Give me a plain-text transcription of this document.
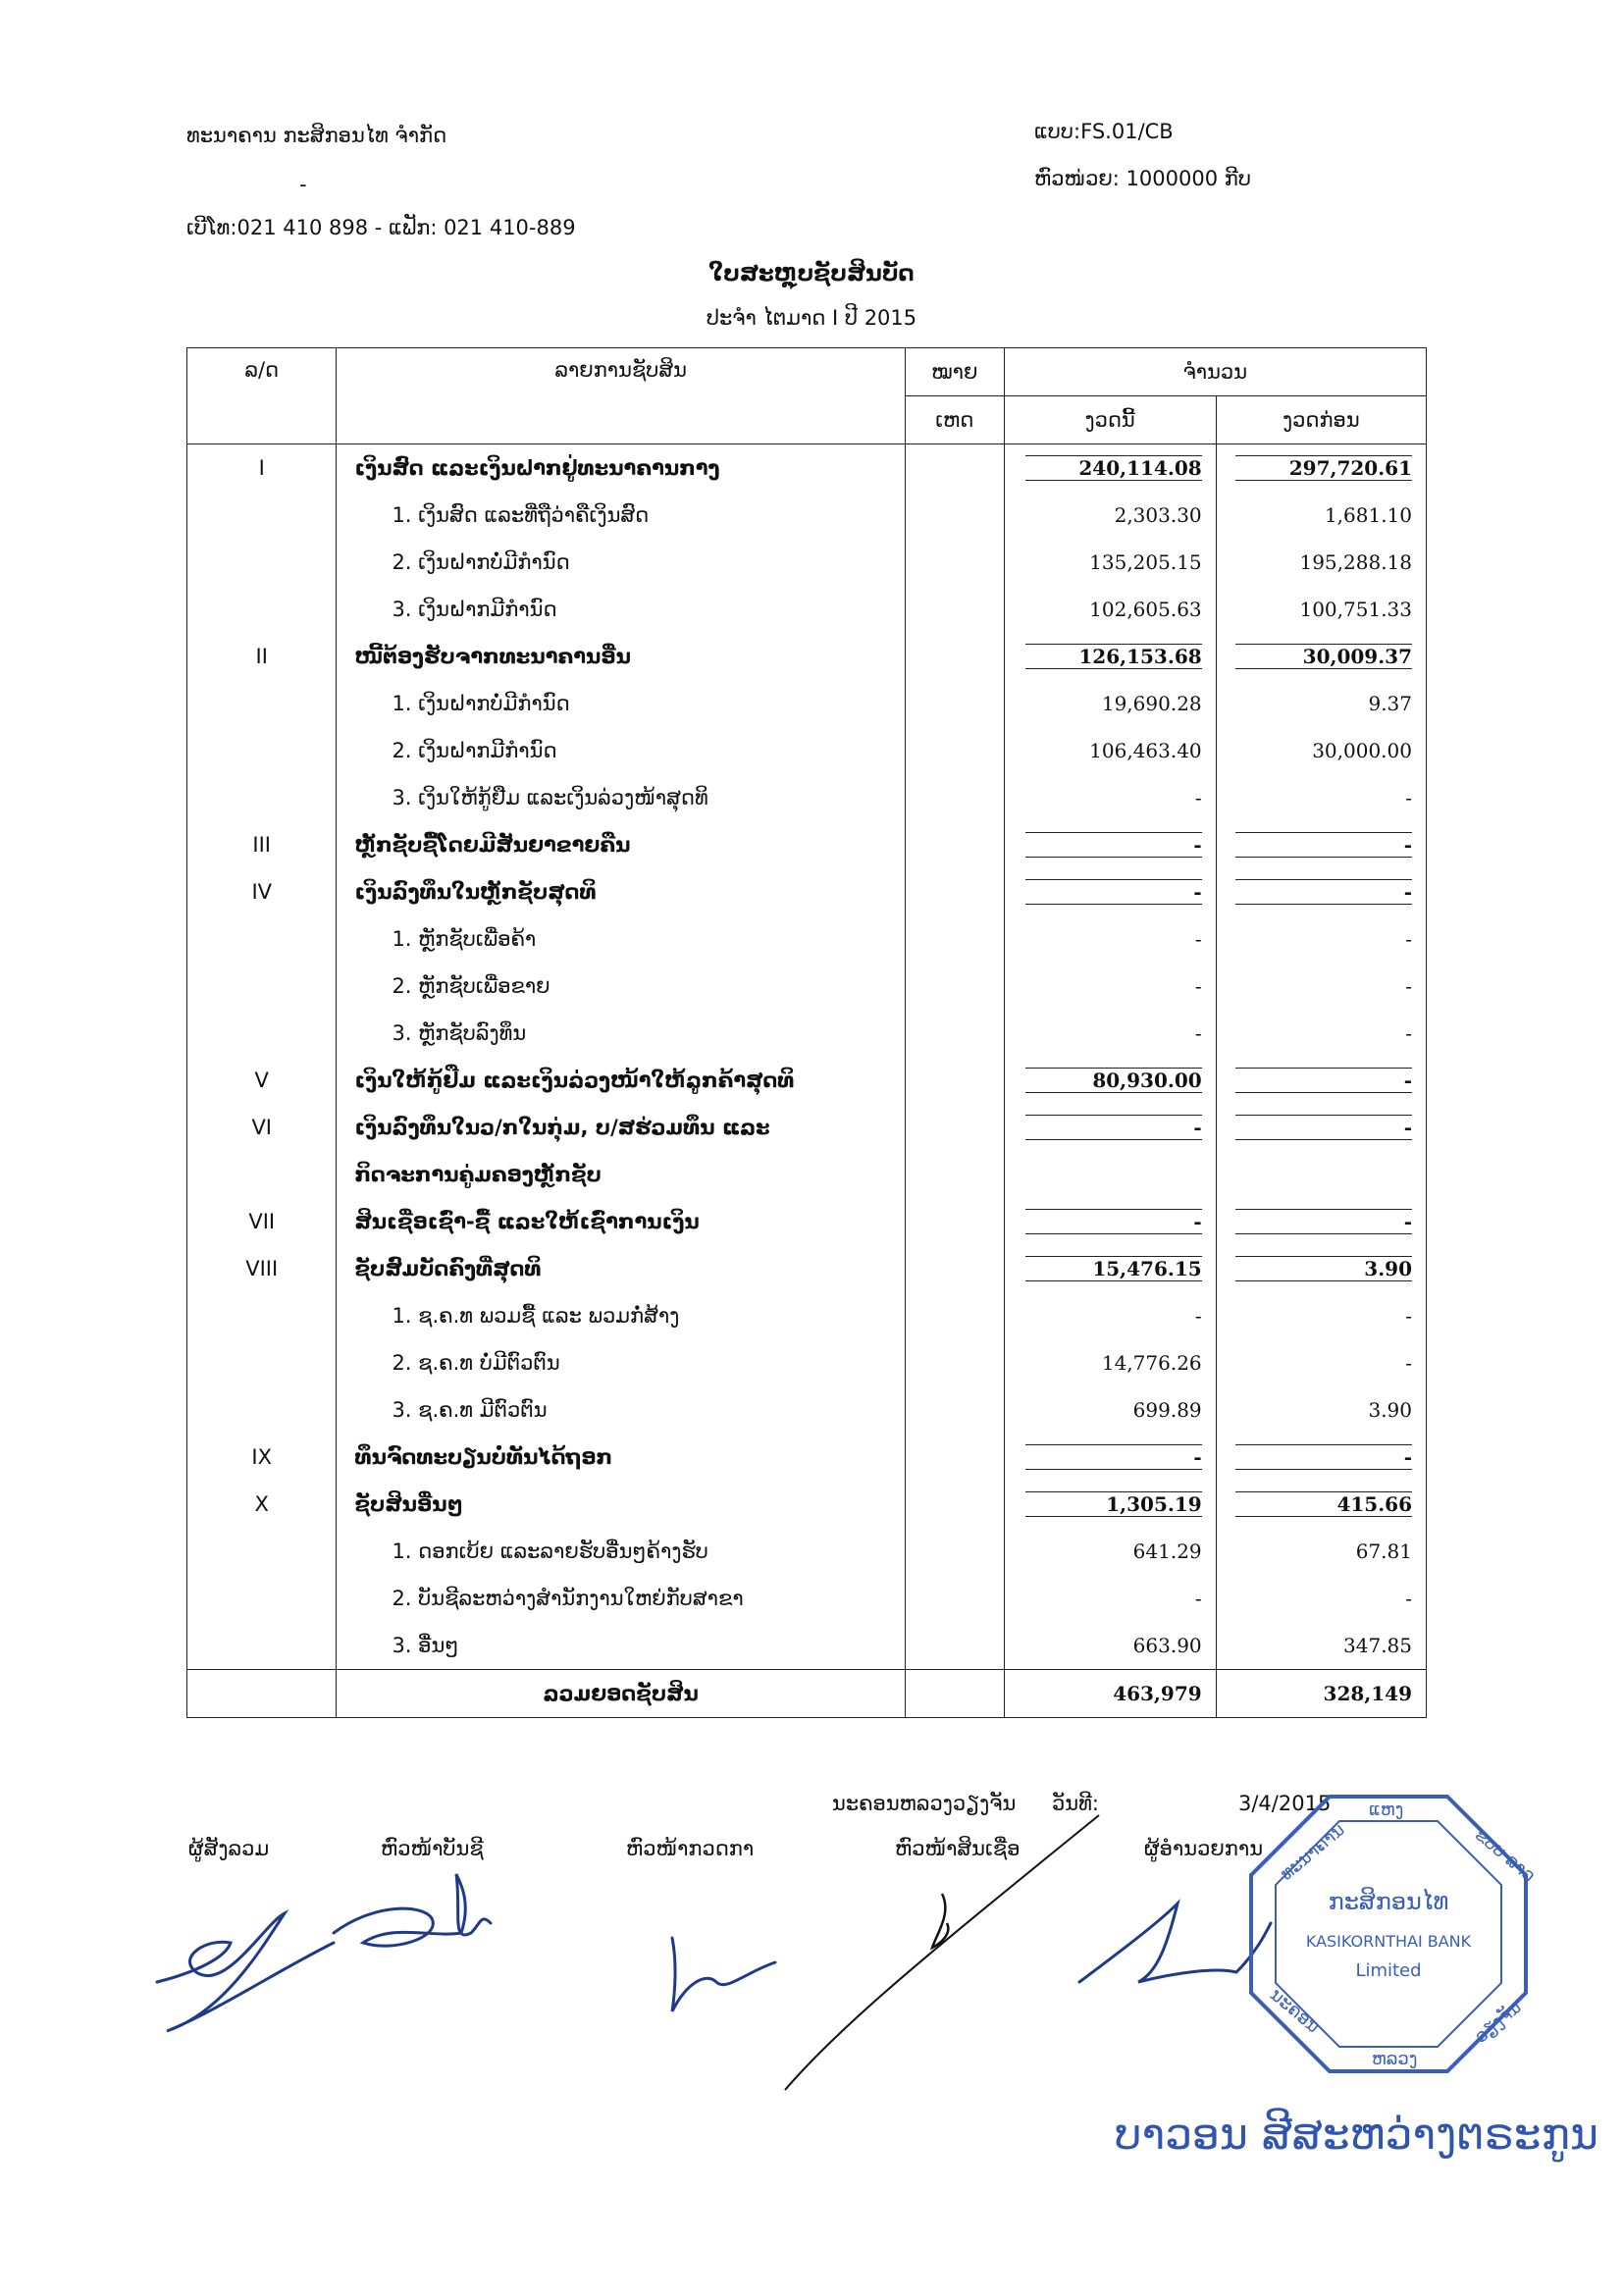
ທະນາຄານ ກະສິກອນໄທ ຈຳກັດ
-
ເບີໂທ:021 410 898 - ແຟັກ: 021 410-889
ແບບ:FS.01/CB
ຫົວໜ່ວຍ: 1000000 ກີບ
ໃບສະຫຼຸບຊັບສິນບັດ
ປະຈຳ ໄຕມາດ I ປີ 2015
ລ/ດ	ລາຍການຊັບສິນ	ໝາຍ	ຈຳນວນ	
		ເຫດ	ງວດນີ້	ງວດກ່ອນ
I	ເງິນສົດ ແລະເງິນຝາກຢູ່ທະນາຄານກາງ		240,114.08	297,720.61
	1. ເງິນສົດ ແລະທີ່ຖືວ່າຄືເງິນສົດ		2,303.30	1,681.10
	2. ເງິນຝາກບໍ່ມີກຳນົດ		135,205.15	195,288.18
	3. ເງິນຝາກມີກຳນົດ		102,605.63	100,751.33
II	ໜີ້ຕ້ອງຮັບຈາກທະນາຄານອື່ນ		126,153.68	30,009.37
	1. ເງິນຝາກບໍ່ມີກຳນົດ		19,690.28	9.37
	2. ເງິນຝາກມີກຳນົດ		106,463.40	30,000.00
	3. ເງິນໃຫ້ກູ້ຢືມ ແລະເງິນລ່ວງໜ້າສຸດທິ		-	-
III	ຫຼັກຊັບຊື້ໂດຍມີສັນຍາຂາຍຄືນ		-	-
IV	ເງິນລົງທຶນໃນຫຼັກຊັບສຸດທິ		-	-
	1. ຫຼັກຊັບເພື່ອຄ້າ		-	-
	2. ຫຼັກຊັບເພື່ອຂາຍ		-	-
	3. ຫຼັກຊັບລົງທຶນ		-	-
V	ເງິນໃຫ້ກູ້ຢືມ ແລະເງິນລ່ວງໜ້າໃຫ້ລູກຄ້າສຸດທິ		80,930.00	-
VI	ເງິນລົງທຶນໃນວ/ກໃນກຸ່ມ, ບ/ສຮ່ວມທຶນ ແລະ		-	-
	ກິດຈະການຄູ່ມຄອງຫຼັກຊັບ			
VII	ສິນເຊື່ອເຊົ່າ-ຊື້ ແລະໃຫ້ເຊົ່າການເງິນ		-	-
VIII	ຊັບສົມບັດຄົງທີ່ສຸດທິ		15,476.15	3.90
	1. ຊ.ຄ.ທ ພວມຊື້ ແລະ ພວມກໍ່ສ້າງ		-	-
	2. ຊ.ຄ.ທ ບໍ່ມີຕົວຕົນ		14,776.26	-
	3. ຊ.ຄ.ທ ມີຕົວຕົນ		699.89	3.90
IX	ທຶນຈົດທະບຽນບໍ່ທັນໄດ້ຖອກ		-	-
X	ຊັບສິນອື່ນໆ		1,305.19	415.66
	1. ດອກເບ້ຍ ແລະລາຍຮັບອື່ນໆຄ້າງຮັບ		641.29	67.81
	2. ບັນຊີລະຫວ່າງສຳນັກງານໃຫຍ່ກັບສາຂາ		-	-
	3. ອື່ນໆ		663.90	347.85
	ລວມຍອດຊັບສິນ		463,979	328,149
ນະຄອນຫລວງວຽງຈັນ ວັນທີ:	3/4/2015
ຜູ້ສັງລວມ	ຫົວໜ້າບັນຊີ	ຫົວໜ້າກວດກາ	ຫົວໜ້າສິນເຊື່ອ	ຜູ້ອຳນວຍການ
ແຫງ
ທະນາຄານ	ຂບບ ລາວ
ກະສິກອນໄທ
KASIKORNTHAI BANK
Limited
ນະຄອນ
ຫລວງ
ວຽງຈັນ
ບາວອນ ສີສະຫວ່າງຕຣະກູນ
